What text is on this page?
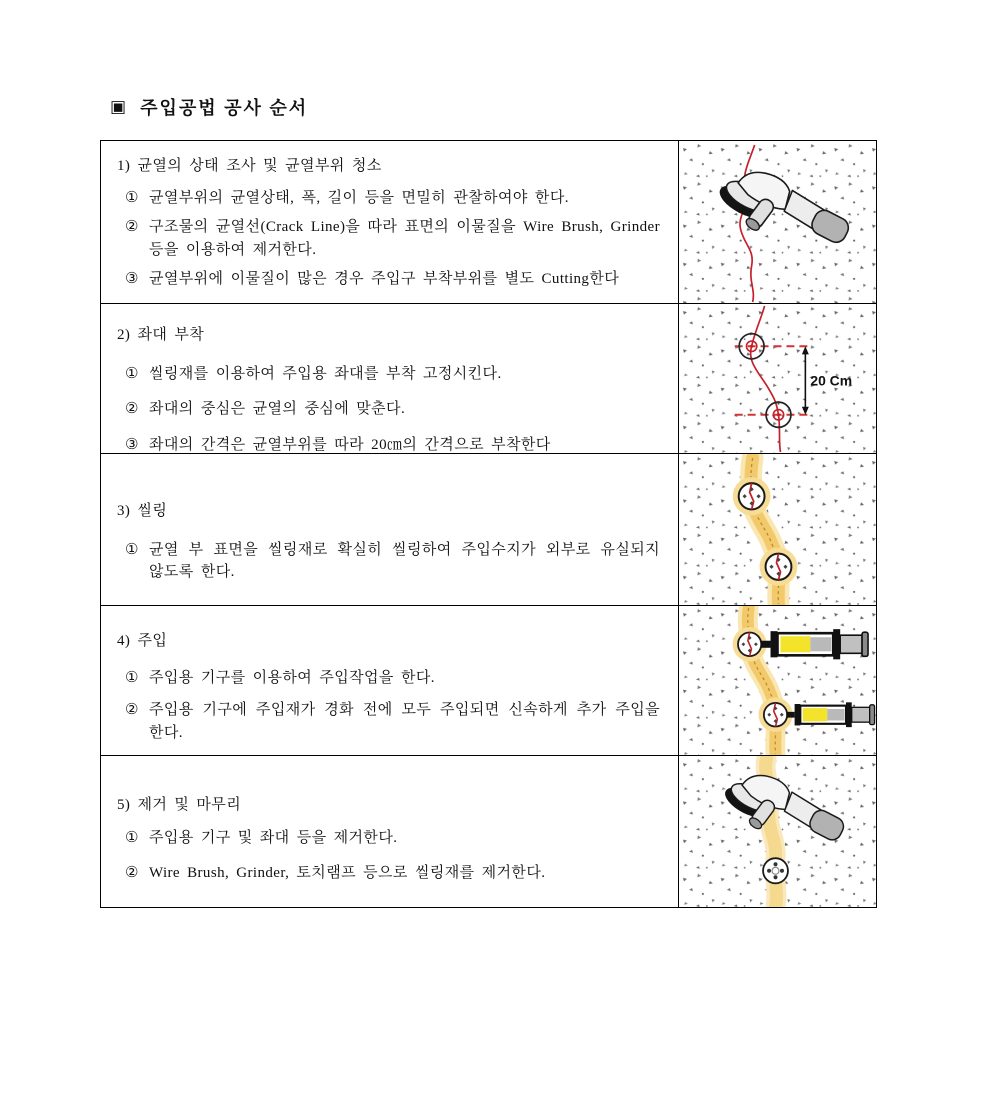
▣ 주입공법 공사 순서
1) 균열의 상태 조사 및 균열부위 청소
① 균열부위의 균열상태, 폭, 길이 등을 면밀히 관찰하여야 한다.
② 구조물의 균열선(Crack Line)을 따라 표면의 이물질을 Wire Brush, Grinder 등을 이용하여 제거한다.
③ 균열부위에 이물질이 많은 경우 주입구 부착부위를 별도 Cutting한다
2) 좌대 부착
① 씰링재를 이용하여 주입용 좌대를 부착 고정시킨다.
② 좌대의 중심은 균열의 중심에 맞춘다.
③ 좌대의 간격은 균열부위를 따라 20㎝의 간격으로 부착한다
20 Cm
3) 씰링
① 균열 부 표면을 씰링재로 확실히 씰링하여 주입수지가 외부로 유실되지 않도록 한다.
4) 주입
① 주입용 기구를 이용하여 주입작업을 한다.
② 주입용 기구에 주입재가 경화 전에 모두 주입되면 신속하게 추가 주입을 한다.
5) 제거 및 마무리
① 주입용 기구 및 좌대 등을 제거한다.
② Wire Brush, Grinder, 토치램프 등으로 씰링재를 제거한다.
